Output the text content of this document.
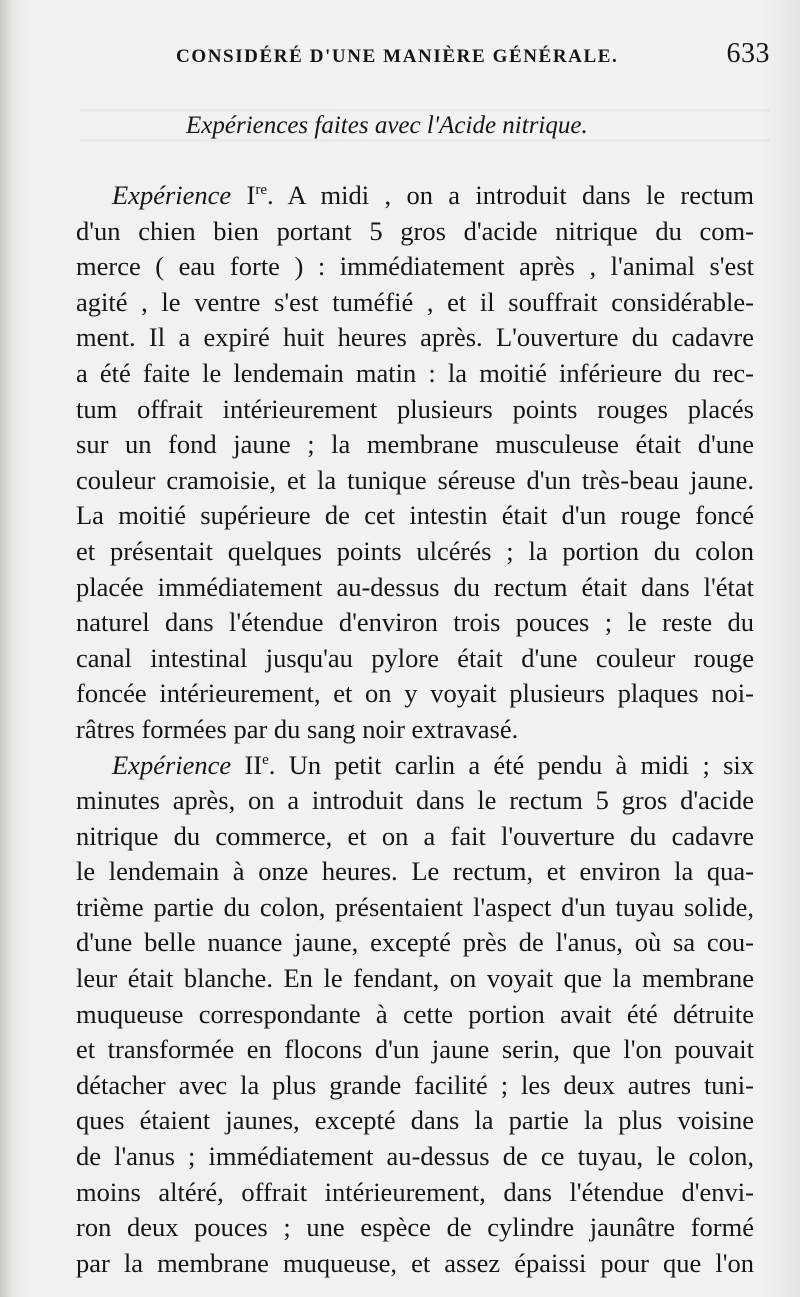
CONSIDÉRÉ D'UNE MANIÈRE GÉNÉRALE.	633
Expériences faites avec l'Acide nitrique.
Expérience Ire. A midi , on a introduit dans le rectum
d'un chien bien portant 5 gros d'acide nitrique du com-
merce ( eau forte ) : immédiatement après , l'animal s'est
agité , le ventre s'est tuméfié , et il souffrait considérable-
ment. Il a expiré huit heures après. L'ouverture du cadavre
a été faite le lendemain matin : la moitié inférieure du rec-
tum offrait intérieurement plusieurs points rouges placés
sur un fond jaune ; la membrane musculeuse était d'une
couleur cramoisie, et la tunique séreuse d'un très-beau jaune.
La moitié supérieure de cet intestin était d'un rouge foncé
et présentait quelques points ulcérés ; la portion du colon
placée immédiatement au-dessus du rectum était dans l'état
naturel dans l'étendue d'environ trois pouces ; le reste du
canal intestinal jusqu'au pylore était d'une couleur rouge
foncée intérieurement, et on y voyait plusieurs plaques noi-
râtres formées par du sang noir extravasé.
Expérience IIe. Un petit carlin a été pendu à midi ; six
minutes après, on a introduit dans le rectum 5 gros d'acide
nitrique du commerce, et on a fait l'ouverture du cadavre
le lendemain à onze heures. Le rectum, et environ la qua-
trième partie du colon, présentaient l'aspect d'un tuyau solide,
d'une belle nuance jaune, excepté près de l'anus, où sa cou-
leur était blanche. En le fendant, on voyait que la membrane
muqueuse correspondante à cette portion avait été détruite
et transformée en flocons d'un jaune serin, que l'on pouvait
détacher avec la plus grande facilité ; les deux autres tuni-
ques étaient jaunes, excepté dans la partie la plus voisine
de l'anus ; immédiatement au-dessus de ce tuyau, le colon,
moins altéré, offrait intérieurement, dans l'étendue d'envi-
ron deux pouces ; une espèce de cylindre jaunâtre formé
par la membrane muqueuse, et assez épaissi pour que l'on
